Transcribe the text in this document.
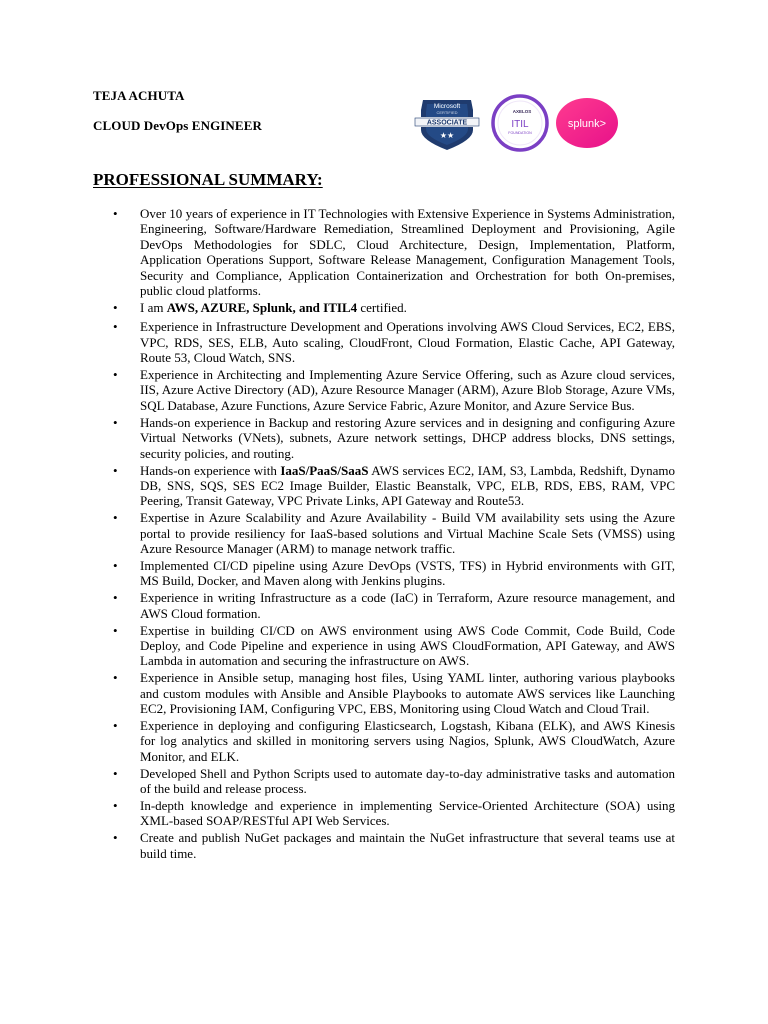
TEJA ACHUTA
CLOUD DevOps ENGINEER
Microsoft
CERTIFIED
ASSOCIATE
★★
AXELOS
ITIL
FOUNDATION
splunk>
PROFESSIONAL SUMMARY:
• Over 10 years of experience in IT Technologies with Extensive Experience in Systems Administration, Engineering, Software/Hardware Remediation, Streamlined Deployment and Provisioning, Agile DevOps Methodologies for SDLC, Cloud Architecture, Design, Implementation, Platform, Application Operations Support, Software Release Management, Configuration Management Tools, Security and Compliance, Application Containerization and Orchestration for both On-premises, public cloud platforms.
• I am AWS, AZURE, Splunk, and ITIL4 certified.
• Experience in Infrastructure Development and Operations involving AWS Cloud Services, EC2, EBS, VPC, RDS, SES, ELB, Auto scaling, CloudFront, Cloud Formation, Elastic Cache, API Gateway, Route 53, Cloud Watch, SNS.
• Experience in Architecting and Implementing Azure Service Offering, such as Azure cloud services, IIS, Azure Active Directory (AD), Azure Resource Manager (ARM), Azure Blob Storage, Azure VMs, SQL Database, Azure Functions, Azure Service Fabric, Azure Monitor, and Azure Service Bus.
• Hands-on experience in Backup and restoring Azure services and in designing and configuring Azure Virtual Networks (VNets), subnets, Azure network settings, DHCP address blocks, DNS settings, security policies, and routing.
• Hands-on experience with IaaS/PaaS/SaaS AWS services EC2, IAM, S3, Lambda, Redshift, Dynamo DB, SNS, SQS, SES EC2 Image Builder, Elastic Beanstalk, VPC, ELB, RDS, EBS, RAM, VPC Peering, Transit Gateway, VPC Private Links, API Gateway and Route53.
• Expertise in Azure Scalability and Azure Availability - Build VM availability sets using the Azure portal to provide resiliency for IaaS-based solutions and Virtual Machine Scale Sets (VMSS) using Azure Resource Manager (ARM) to manage network traffic.
• Implemented CI/CD pipeline using Azure DevOps (VSTS, TFS) in Hybrid environments with GIT, MS Build, Docker, and Maven along with Jenkins plugins.
• Experience in writing Infrastructure as a code (IaC) in Terraform, Azure resource management, and AWS Cloud formation.
• Expertise in building CI/CD on AWS environment using AWS Code Commit, Code Build, Code Deploy, and Code Pipeline and experience in using AWS CloudFormation, API Gateway, and AWS Lambda in automation and securing the infrastructure on AWS.
• Experience in Ansible setup, managing host files, Using YAML linter, authoring various playbooks and custom modules with Ansible and Ansible Playbooks to automate AWS services like Launching EC2, Provisioning IAM, Configuring VPC, EBS, Monitoring using Cloud Watch and Cloud Trail.
• Experience in deploying and configuring Elasticsearch, Logstash, Kibana (ELK), and AWS Kinesis for log analytics and skilled in monitoring servers using Nagios, Splunk, AWS CloudWatch, Azure Monitor, and ELK.
• Developed Shell and Python Scripts used to automate day-to-day administrative tasks and automation of the build and release process.
• In-depth knowledge and experience in implementing Service-Oriented Architecture (SOA) using XML-based SOAP/RESTful API Web Services.
• Create and publish NuGet packages and maintain the NuGet infrastructure that several teams use at build time.
